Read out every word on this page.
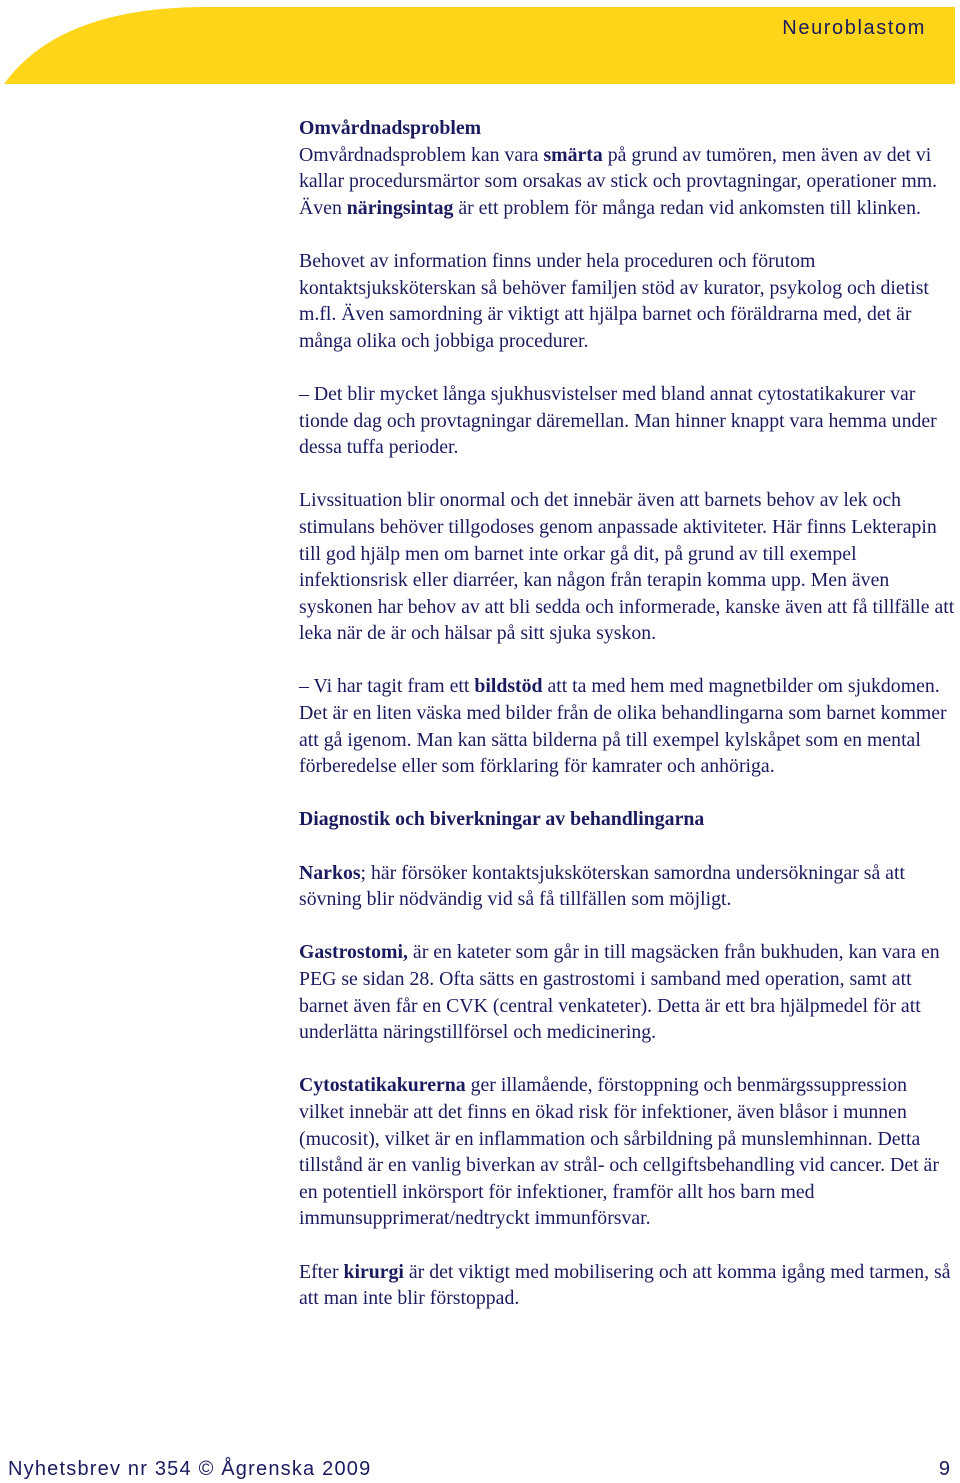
Neuroblastom
Omvårdnadsproblem

Omvårdnadsproblem kan vara smärta på grund av tumören, men även av det vi kallar procedursmärtor som orsakas av stick och provtagningar, operationer mm. Även näringsintag är ett problem för många redan vid ankomsten till klinken.

Behovet av information finns under hela proceduren och förutom kontaktsjuksköterskan så behöver familjen stöd av kurator, psykolog och dietist m.fl. Även samordning är viktigt att hjälpa barnet och föräldrarna med, det är många olika och jobbiga procedurer.

– Det blir mycket långa sjukhusvistelser med bland annat cytostatikakurer var tionde dag och provtagningar däremellan. Man hinner knappt vara hemma under dessa tuffa perioder.

Livssituation blir onormal och det innebär även att barnets behov av lek och stimulans behöver tillgodoses genom anpassade aktiviteter. Här finns Lekterapin till god hjälp men om barnet inte orkar gå dit, på grund av till exempel infektionsrisk eller diarréer, kan någon från terapin komma upp. Men även syskonen har behov av att bli sedda och informerade, kanske även att få tillfälle att leka när de är och hälsar på sitt sjuka syskon.

– Vi har tagit fram ett bildstöd att ta med hem med magnetbilder om sjukdomen. Det är en liten väska med bilder från de olika behandlingarna som barnet kommer att gå igenom. Man kan sätta bilderna på till exempel kylskåpet som en mental förberedelse eller som förklaring för kamrater och anhöriga.

Diagnostik och biverkningar av behandlingarna

Narkos; här försöker kontaktsjuksköterskan samordna undersökningar så att sövning blir nödvändig vid så få tillfällen som möjligt.

Gastrostomi, är en kateter som går in till magsäcken från bukhuden, kan vara en PEG se sidan 28. Ofta sätts en gastrostomi i samband med operation, samt att barnet även får en CVK (central venkateter). Detta är ett bra hjälpmedel för att underlätta näringstillförsel och medicinering.

Cytostatikakurerna ger illamående, förstoppning och benmärgssuppression vilket innebär att det finns en ökad risk för infektioner, även blåsor i munnen (mucosit), vilket är en inflammation och sårbildning på munslemhinnan. Detta tillstånd är en vanlig biverkan av strål- och cellgiftsbehandling vid cancer. Det är en potentiell inkörsport för infektioner, framför allt hos barn med immunsupprimerat/nedtryckt immunförsvar.

Efter kirurgi är det viktigt med mobilisering och att komma igång med tarmen, så att man inte blir förstoppad.

Nyhetsbrev nr 354 © Ågrenska 2009	9
